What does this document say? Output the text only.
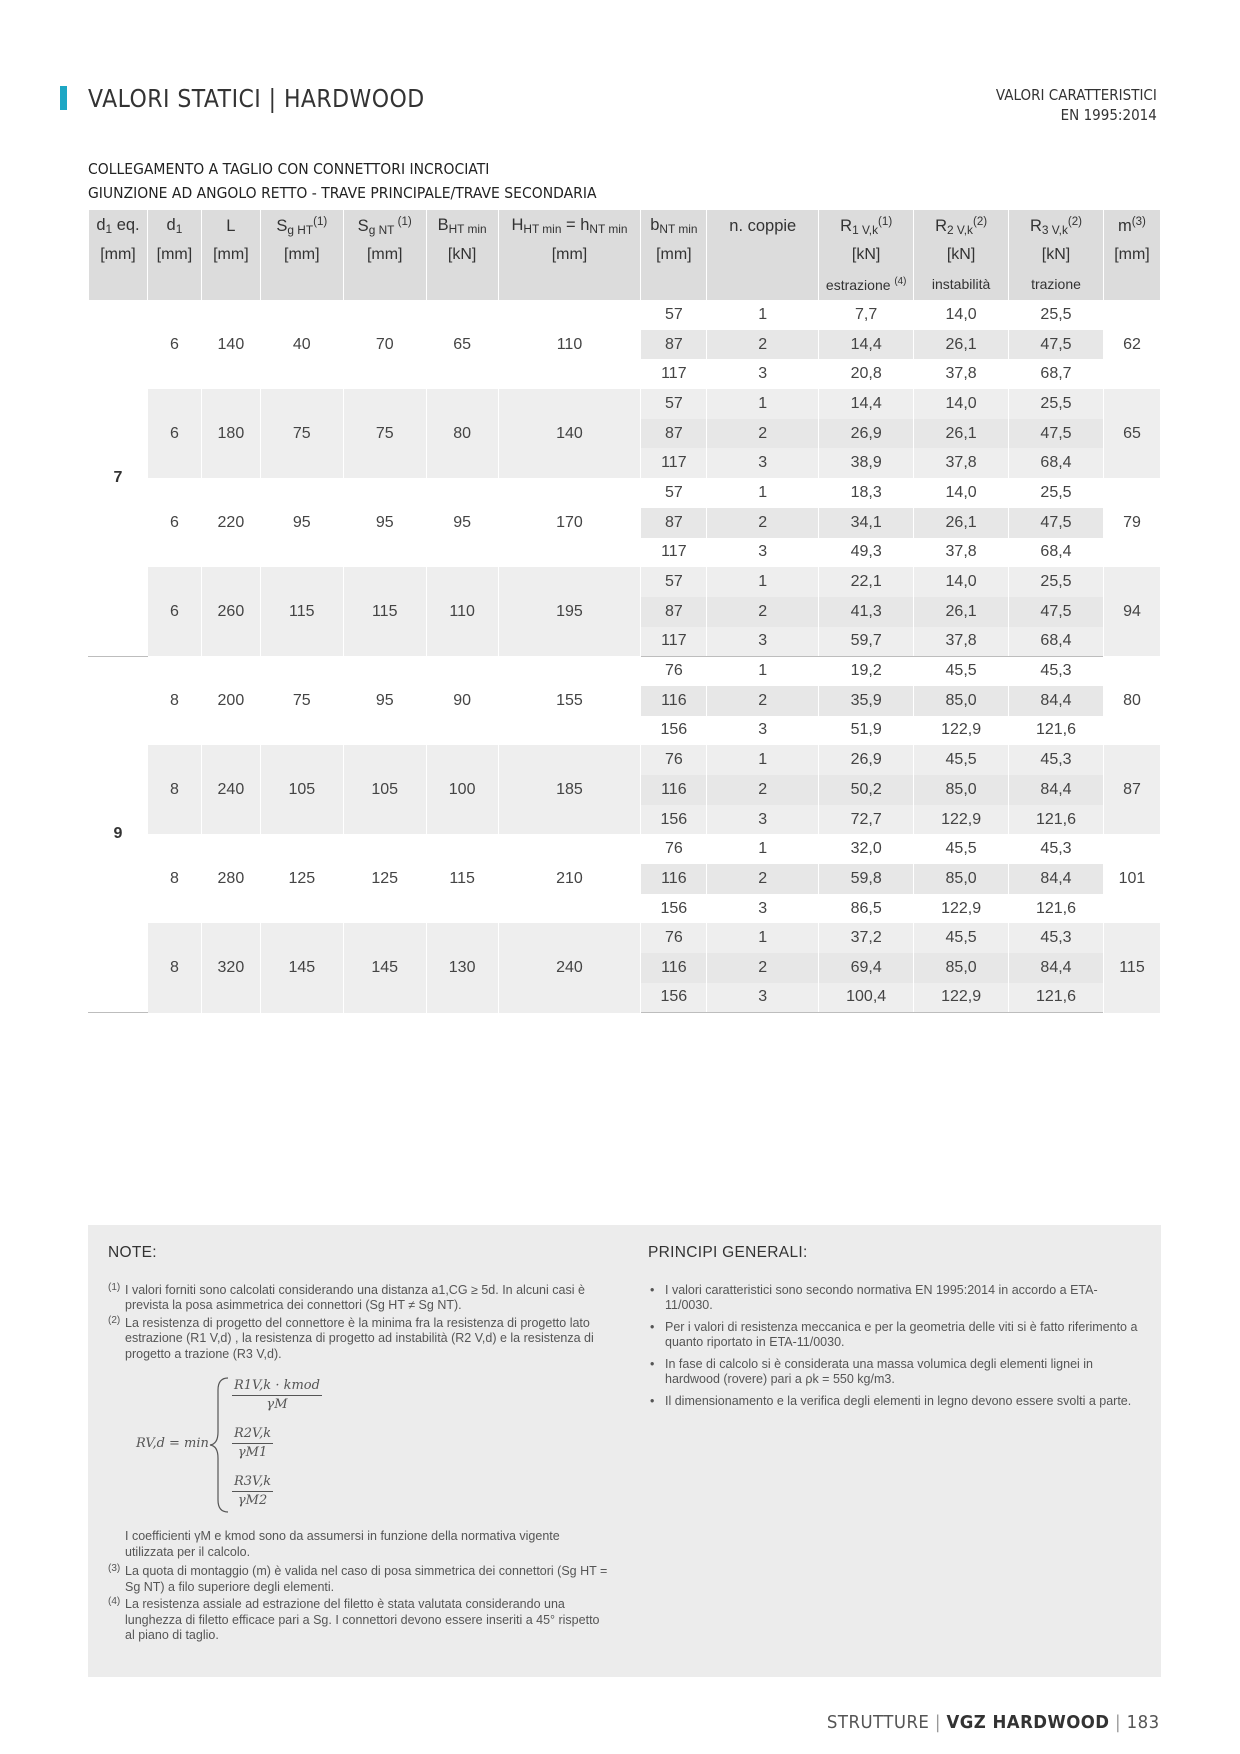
VALORI STATICI | HARDWOOD	VALORI CARATTERISTICI
EN 1995:2014
COLLEGAMENTO A TAGLIO CON CONNETTORI INCROCIATI
GIUNZIONE AD ANGOLO RETTO - TRAVE PRINCIPALE/TRAVE SECONDARIA
$d_1$ eq.	$d_1$	L	$S_{g HT}^{(1)}$	$S_{g NT}$ $^{(1)}$	$B_{HT min}$	$H_{HT min} = h_{NT min}$	$b_{NT min}$	n. coppie	$R_{1 V,k}^{(1)}$	$R_{2 V,k}^{(2)}$	$R_{3 V,k}^{(2)}$	$m^{(3)}$
[mm]	[mm]	[mm]	[mm]	[mm]	[kN]	[mm]	[mm]		[kN]	[kN]	[kN]	[mm]
									estrazione $^{(4)}$	instabilità	trazione	
7	6	140	40	70	65	110	57	1	7,7	14,0	25,5	62
							87	2	14,4	26,1	47,5	
							117	3	20,8	37,8	68,7	
	6	180	75	75	80	140	57	1	14,4	14,0	25,5	65
							87	2	26,9	26,1	47,5	
							117	3	38,9	37,8	68,4	
	6	220	95	95	95	170	57	1	18,3	14,0	25,5	79
							87	2	34,1	26,1	47,5	
							117	3	49,3	37,8	68,4	
	6	260	115	115	110	195	57	1	22,1	14,0	25,5	94
							87	2	41,3	26,1	47,5	
							117	3	59,7	37,8	68,4	
9	8	200	75	95	90	155	76	1	19,2	45,5	45,3	80
							116	2	35,9	85,0	84,4	
							156	3	51,9	122,9	121,6	
	8	240	105	105	100	185	76	1	26,9	45,5	45,3	87
							116	2	50,2	85,0	84,4	
							156	3	72,7	122,9	121,6	
	8	280	125	125	115	210	76	1	32,0	45,5	45,3	101
							116	2	59,8	85,0	84,4	
							156	3	86,5	122,9	121,6	
	8	320	145	145	130	240	76	1	37,2	45,5	45,3	115
							116	2	69,4	85,0	84,4	
							156	3	100,4	122,9	121,6	
NOTE:
(1) I valori forniti sono calcolati considerando una distanza a1,CG ≥ 5d. In alcuni casi è prevista la posa asimmetrica dei connettori (Sg HT ≠ Sg NT).
(2) La resistenza di progetto del connettore è la minima fra la resistenza di progetto lato estrazione (R1 V,d) , la resistenza di progetto ad instabilità (R2 V,d) e la resistenza di progetto a trazione (R3 V,d).
RV,d = min
R1V,k · kmod
γM
$\frac{R2V,k}{\gamma M1}$
$\frac{R3V,k}{\gamma M2}$
I coefficienti γM e kmod sono da assumersi in funzione della normativa vigente utilizzata per il calcolo.
(3) La quota di montaggio (m) è valida nel caso di posa simmetrica dei connettori (Sg HT = Sg NT) a filo superiore degli elementi.
(4) La resistenza assiale ad estrazione del filetto è stata valutata considerando una lunghezza di filetto efficace pari a Sg. I connettori devono essere inseriti a 45° rispetto al piano di taglio.
PRINCIPI GENERALI:
• I valori caratteristici sono secondo normativa EN 1995:2014 in accordo a ETA-11/0030.
• Per i valori di resistenza meccanica e per la geometria delle viti si è fatto riferimento a quanto riportato in ETA-11/0030.
• In fase di calcolo si è considerata una massa volumica degli elementi lignei in hardwood (rovere) pari a ρk = 550 kg/m3.
• Il dimensionamento e la verifica degli elementi in legno devono essere svolti a parte.
STRUTTURE | VGZ HARDWOOD | 183
